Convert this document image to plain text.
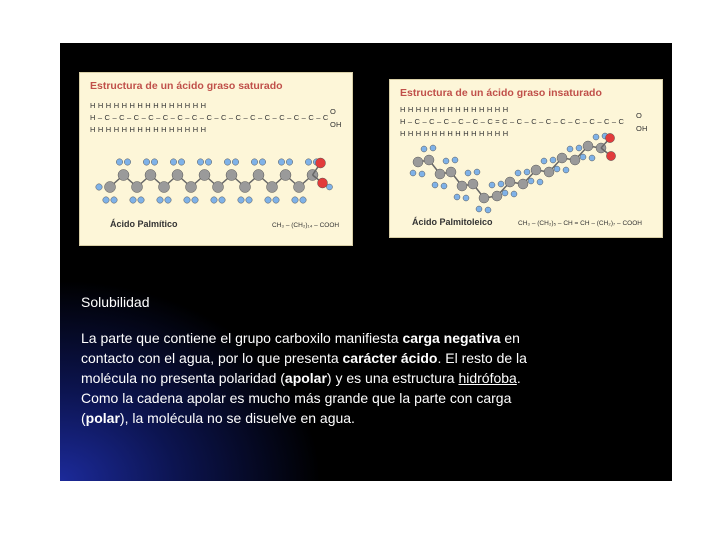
Estructura de un ácido graso saturado
H H H H H H H H H H H H H H H
H – C – C – C – C – C – C – C – C – C – C – C – C – C – C – C – C
H H H H H H H H H H H H H H H
O
OH
Ácido Palmítico	CH₃ – (CH₂)₁₄ – COOH
Estructura de un ácido graso insaturado
H H H H H H H H H H H H H H
H – C – C – C – C – C – C = C – C – C – C – C – C – C – C – C
H H H H H H H H H H H H H H
O
OH
Ácido Palmitoleico	CH₃ – (CH₂)₅ – CH = CH – (CH₂)₇ – COOH
Solubilidad

La parte que contiene el grupo carboxilo manifiesta carga negativa en

contacto con el agua, por lo que presenta carácter ácido. El resto de la

molécula no presenta polaridad (apolar) y es una estructura hidrófoba.

Como la cadena apolar es mucho más grande que la parte con carga

(polar), la molécula no se disuelve en agua.
